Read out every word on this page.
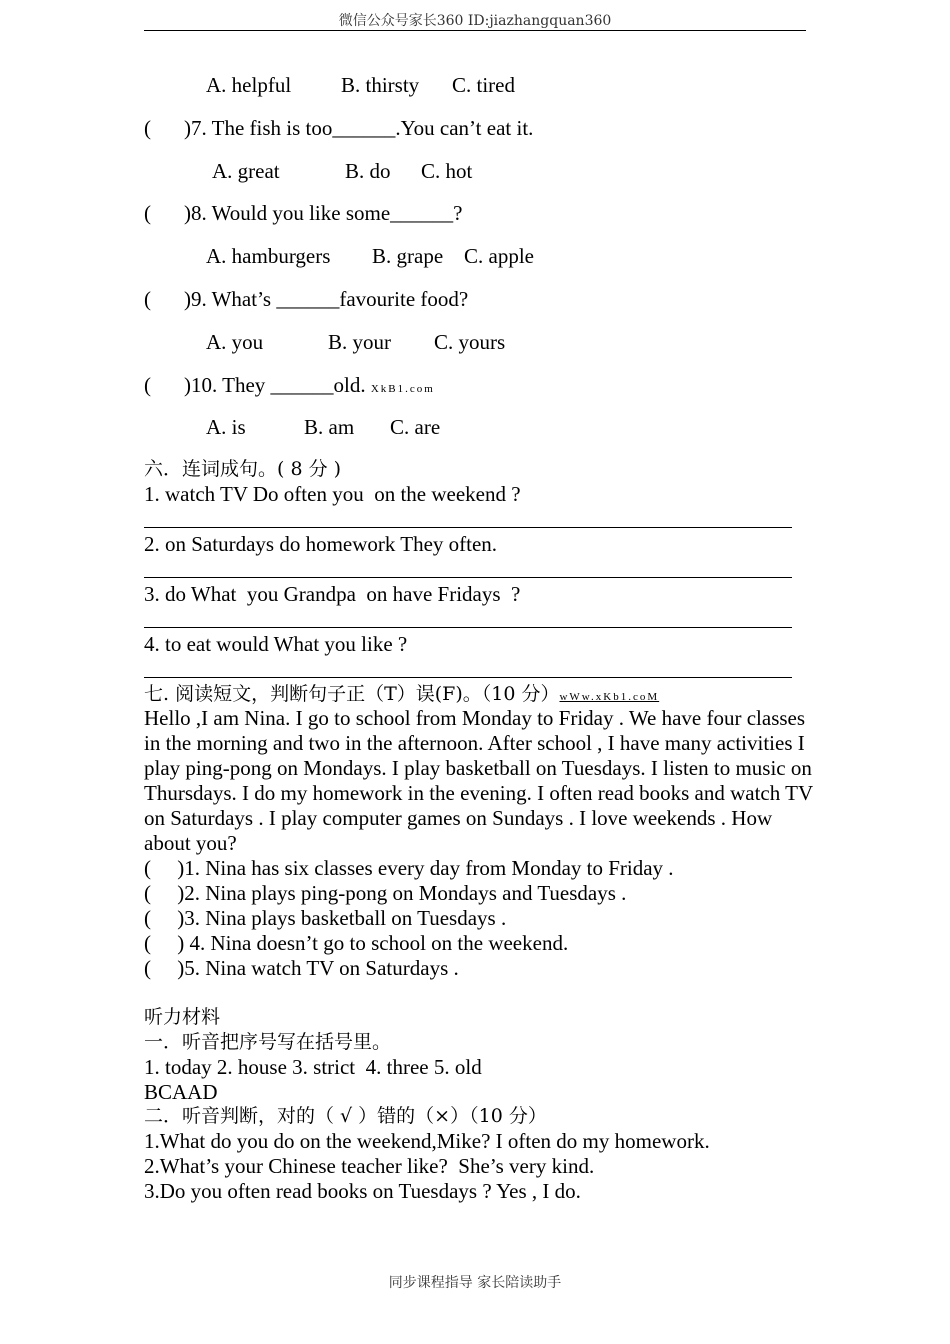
微信公众号家长360 ID:jiazhangquan360
A. helpful B. thirsty C. tired
( )7. The fish is too______.You can’t eat it.
A. great	B. do C. hot
( )8. Would you like some______?
A. hamburgers B. grape C. apple
( )9. What’s ______favourite food?
A. you	B. your C. yours
( )10. They ______old. XkB1.com
A. is	B. am C. are
六．连词成句。( 8 分 )
1. watch TV Do often you  on the weekend ?
2. on Saturdays do homework They often.
3. do What  you Grandpa  on have Fridays  ?
4. to eat would What you like ?
七. 阅读短文，判断句子正（T）误(F)。（10 分）wWw.xKb1.coM
Hello ,I am Nina. I go to school from Monday to Friday . We have four classes in the morning and two in the afternoon. After school , I have many activities I play ping-pong on Mondays. I play basketball on Tuesdays. I listen to music on Thursdays. I do my homework in the evening. I often read books and watch TV on Saturdays . I play computer games on Sundays . I love weekends . How about you?
(     )1. Nina has six classes every day from Monday to Friday .
(     )2. Nina plays ping-pong on Mondays and Tuesdays .
(     )3. Nina plays basketball on Tuesdays .
(     ) 4. Nina doesn’t go to school on the weekend.
(     )5. Nina watch TV on Saturdays .
听力材料
一．听音把序号写在括号里。
1. today 2. house 3. strict  4. three 5. old
BCAAD
二．听音判断，对的（ √ ）错的（×）（10 分）
1.What do you do on the weekend,Mike? I often do my homework.
2.What’s your Chinese teacher like?  She’s very kind.
3.Do you often read books on Tuesdays ? Yes , I do.
同步课程指导 家长陪读助手
